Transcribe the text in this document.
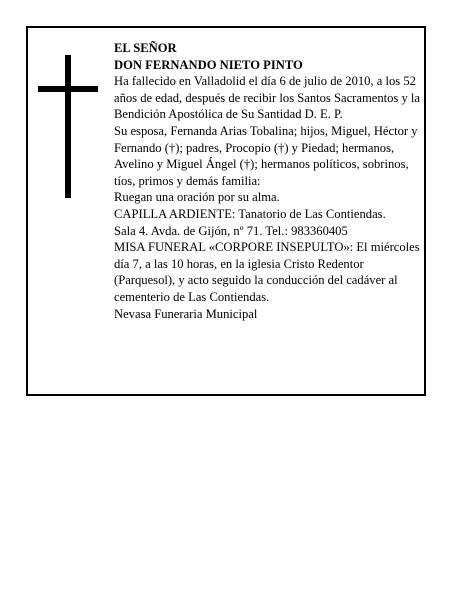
EL SEÑOR

DON FERNANDO NIETO PINTO

Ha fallecido en Valladolid el día 6 de julio de 2010, a los 52 años de edad, después de recibir los Santos Sacramentos y la Bendición Apostólica de Su Santidad D. E. P.

Su esposa, Fernanda Arias Tobalina; hijos, Miguel, Héctor y Fernando (†); padres, Procopio (†) y Piedad; hermanos, Avelino y Miguel Ángel (†); hermanos políticos, sobrinos, tíos, primos y demás familia:

Ruegan una oración por su alma.

CAPILLA ARDIENTE: Tanatorio de Las Contiendas.

Sala 4. Avda. de Gijón, nº 71. Tel.: 983360405

MISA FUNERAL «CORPORE INSEPULTO»: El miércoles día 7, a las 10 horas, en la iglesia Cristo Redentor (Parquesol), y acto seguido la conducción del cadáver al cementerio de Las Contiendas.

Nevasa Funeraria Municipal
